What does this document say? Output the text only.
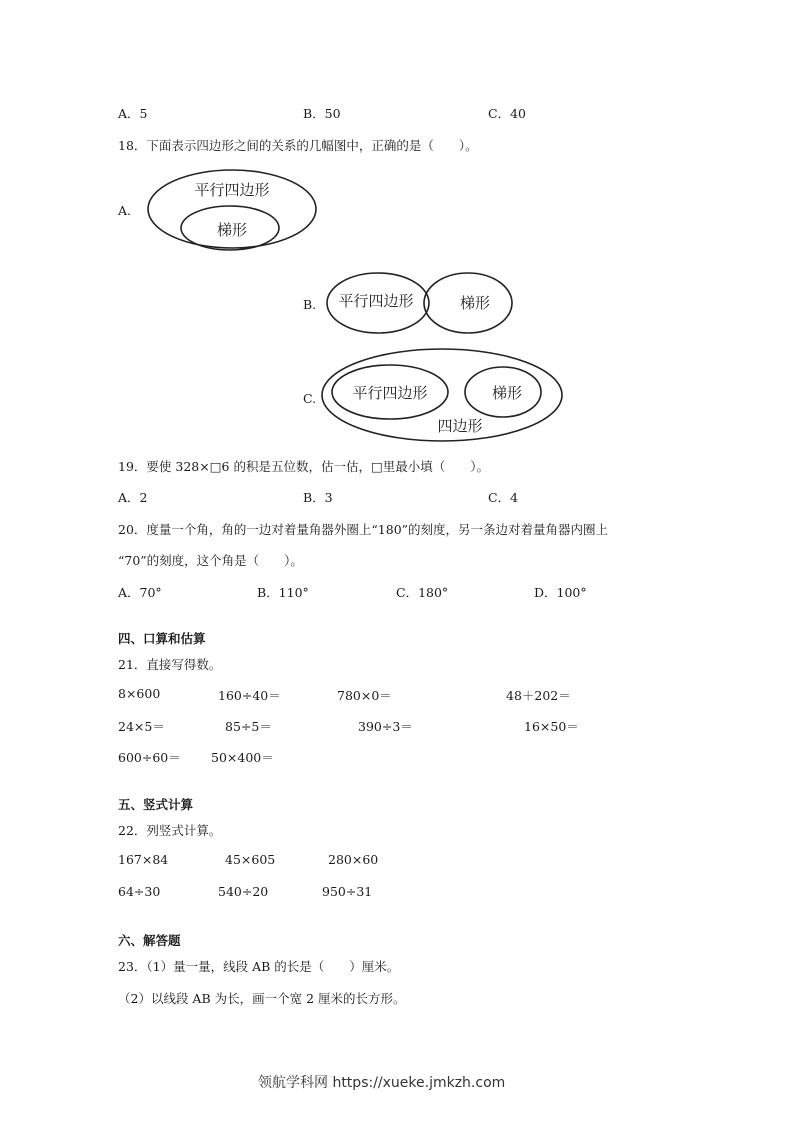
A．5	B．50	C．40
18．下面表示四边形之间的关系的几幅图中，正确的是（　　）。
A.
平行四边形
梯形
B. 平行四边形	梯形
C. 平行四边形	梯形
四边形
19．要使 328×□6 的积是五位数，估一估，□里最小填（　　）。
A．2	B．3	C．4
20．度量一个角，角的一边对着量角器外圈上“180”的刻度，另一条边对着量角器内圈上
“70”的刻度，这个角是（　　）。
A．70°	B．110°	C．180°	D．100°
四、口算和估算
21．直接写得数。
8×600	160÷40＝	780×0＝	48＋202＝
24×5＝	85÷5＝	390÷3＝	16×50＝
600÷60＝ 50×400＝
五、竖式计算
22．列竖式计算。
167×84	45×605	280×60
64÷30	540÷20	950÷31
六、解答题
23．（1）量一量，线段 AB 的长是（　　）厘米。
（2）以线段 AB 为长，画一个宽 2 厘米的长方形。
领航学科网 https://xueke.jmkzh.com
